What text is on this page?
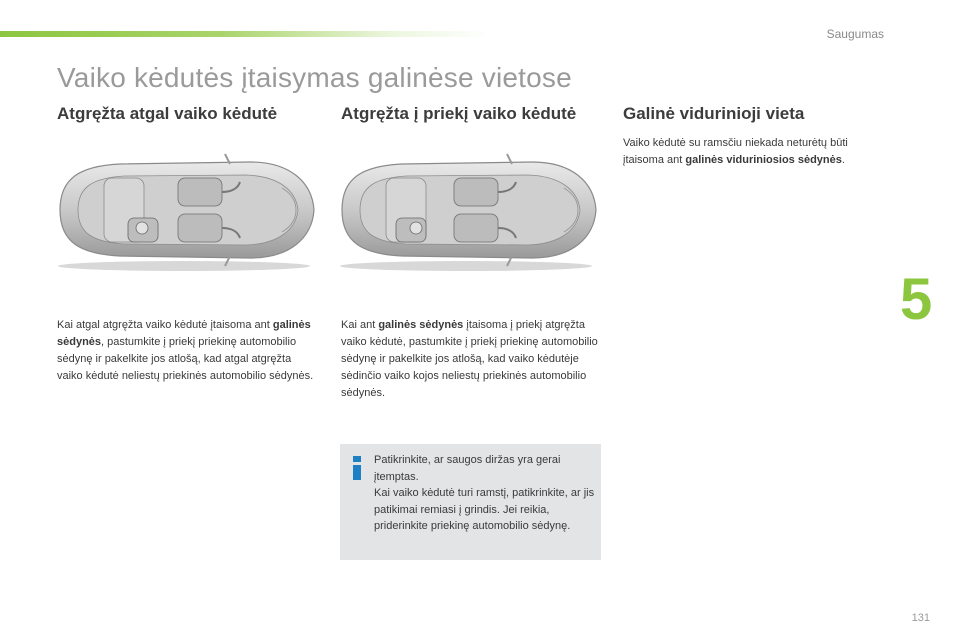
Saugumas
Vaiko kėdutės įtaisymas galinėse vietose
Atgręžta atgal vaiko kėdutė	Atgręžta į priekį vaiko kėdutė	Galinė vidurinioji vieta

Kai atgal atgręžta vaiko kėdutė įtaisoma ant galinės sėdynės, pastumkite į priekį priekinę automobilio sėdynę ir pakelkite jos atlošą, kad atgal atgręžta vaiko kėdutė neliestų priekinės automobilio sėdynės.

Kai ant galinės sėdynės įtaisoma į priekį atgręžta vaiko kėdutė, pastumkite į priekį priekinę automobilio sėdynę ir pakelkite jos atlošą, kad vaiko kėdutėje sėdinčio vaiko kojos neliestų priekinės automobilio sėdynės.

Vaiko kėdutė su ramsčiu niekada neturėtų būti įtaisoma ant galinės viduriniosios sėdynės.

Patikrinkite, ar saugos diržas yra gerai įtemptas.
Kai vaiko kėdutė turi ramstį, patikrinkite, ar jis patikimai remiasi į grindis. Jei reikia, priderinkite priekinę automobilio sėdynę.

5
131
